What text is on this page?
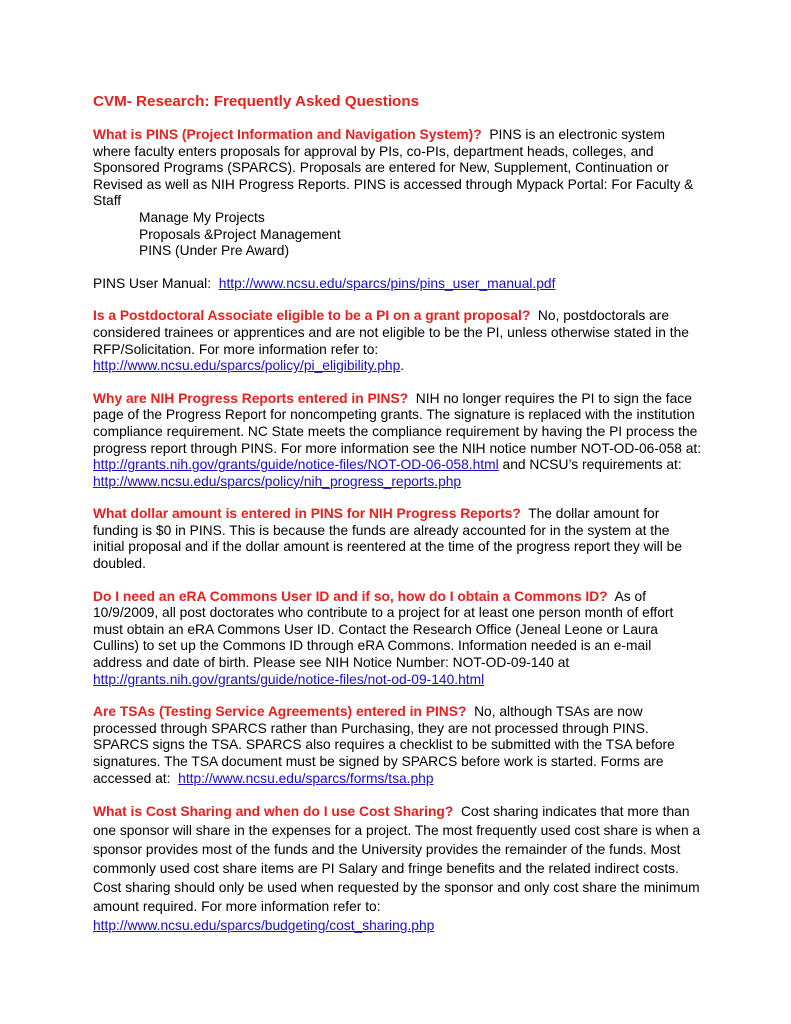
CVM- Research: Frequently Asked Questions

What is PINS (Project Information and Navigation System)? PINS is an electronic system where faculty enters proposals for approval by PIs, co-PIs, department heads, colleges, and Sponsored Programs (SPARCS). Proposals are entered for New, Supplement, Continuation or Revised as well as NIH Progress Reports. PINS is accessed through Mypack Portal: For Faculty & Staff
Manage My Projects
Proposals &Project Management
PINS (Under Pre Award)

PINS User Manual: http://www.ncsu.edu/sparcs/pins/pins_user_manual.pdf

Is a Postdoctoral Associate eligible to be a PI on a grant proposal? No, postdoctorals are considered trainees or apprentices and are not eligible to be the PI, unless otherwise stated in the RFP/Solicitation. For more information refer to:
http://www.ncsu.edu/sparcs/policy/pi_eligibility.php.

Why are NIH Progress Reports entered in PINS? NIH no longer requires the PI to sign the face page of the Progress Report for noncompeting grants. The signature is replaced with the institution compliance requirement. NC State meets the compliance requirement by having the PI process the progress report through PINS. For more information see the NIH notice number NOT-OD-06-058 at: http://grants.nih.gov/grants/guide/notice-files/NOT-OD-06-058.html and NCSU’s requirements at:   http://www.ncsu.edu/sparcs/policy/nih_progress_reports.php

What dollar amount is entered in PINS for NIH Progress Reports? The dollar amount for funding is $0 in PINS. This is because the funds are already accounted for in the system at the initial proposal and if the dollar amount is reentered at the time of the progress report they will be doubled.

Do I need an eRA Commons User ID and if so, how do I obtain a Commons ID? As of 10/9/2009, all post doctorates who contribute to a project for at least one person month of effort must obtain an eRA Commons User ID. Contact the Research Office (Jeneal Leone or Laura Cullins) to set up the Commons ID through eRA Commons. Information needed is an e-mail address and date of birth. Please see NIH Notice Number: NOT-OD-09-140 at
http://grants.nih.gov/grants/guide/notice-files/not-od-09-140.html

Are TSAs (Testing Service Agreements) entered in PINS? No, although TSAs are now processed through SPARCS rather than Purchasing, they are not processed through PINS. SPARCS signs the TSA. SPARCS also requires a checklist to be submitted with the TSA before signatures. The TSA document must be signed by SPARCS before work is started. Forms are accessed at: http://www.ncsu.edu/sparcs/forms/tsa.php

What is Cost Sharing and when do I use Cost Sharing? Cost sharing indicates that more than one sponsor will share in the expenses for a project. The most frequently used cost share is when a sponsor provides most of the funds and the University provides the remainder of the funds. Most commonly used cost share items are PI Salary and fringe benefits and the related indirect costs. Cost sharing should only be used when requested by the sponsor and only cost share the minimum amount required. For more information refer to:
http://www.ncsu.edu/sparcs/budgeting/cost_sharing.php
